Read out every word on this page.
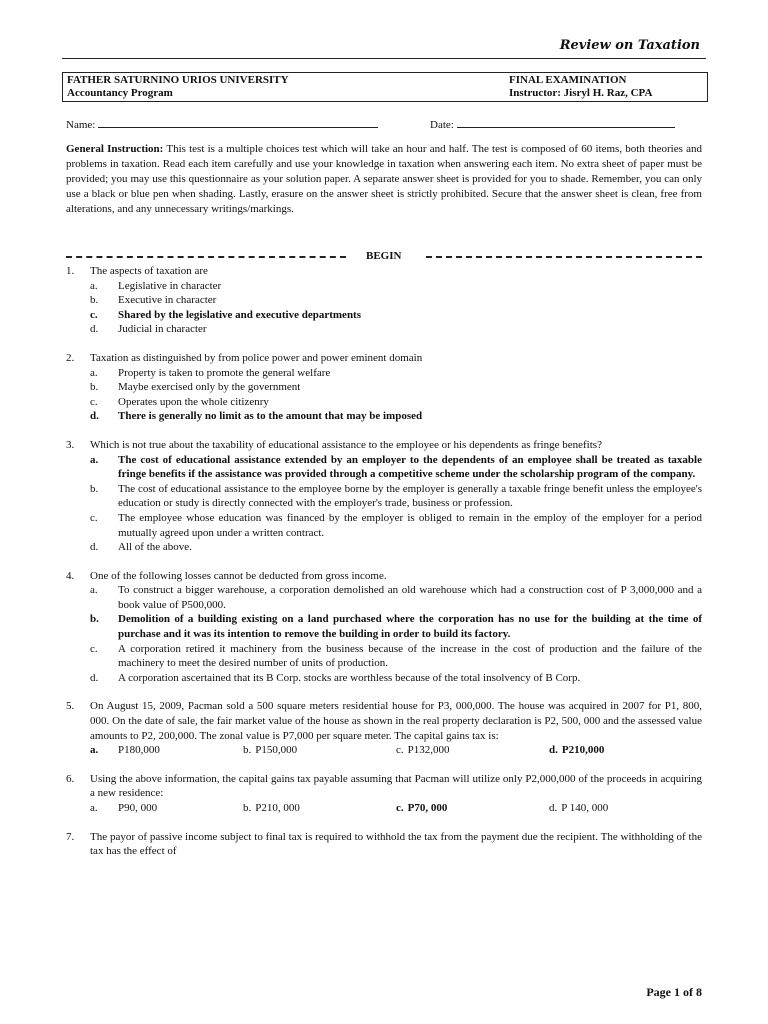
Review on Taxation
FATHER SATURNINO URIOS UNIVERSITY
Accountancy Program
FINAL EXAMINATION
Instructor: Jisryl H. Raz, CPA
Name:	Date:
General Instruction: This test is a multiple choices test which will take an hour and half. The test is composed of 60 items, both theories and problems in taxation. Read each item carefully and use your knowledge in taxation when answering each item. No extra sheet of paper must be provided; you may use this questionnaire as your solution paper. A separate answer sheet is provided for you to shade. Remember, you can only use a black or blue pen when shading. Lastly, erasure on the answer sheet is strictly prohibited. Secure that the answer sheet is clean, free from alterations, and any unnecessary writings/markings.
BEGIN
1.	The aspects of taxation are
a.	Legislative in character
b.	Executive in character
c.	Shared by the legislative and executive departments
d.	Judicial in character
2.	Taxation as distinguished by from police power and power eminent domain
a.	Property is taken to promote the general welfare
b.	Maybe exercised only by the government
c.	Operates upon the whole citizenry
d.	There is generally no limit as to the amount that may be imposed
3.	Which is not true about the taxability of educational assistance to the employee or his dependents as fringe benefits?
a.	The cost of educational assistance extended by an employer to the dependents of an employee shall be treated as taxable fringe benefits if the assistance was provided through a competitive scheme under the scholarship program of the company.
b.	The cost of educational assistance to the employee borne by the employer is generally a taxable fringe benefit unless the employee's education or study is directly connected with the employer's trade, business or profession.
c.	The employee whose education was financed by the employer is obliged to remain in the employ of the employer for a period mutually agreed upon under a written contract.
d.	All of the above.
4.	One of the following losses cannot be deducted from gross income.
a.	To construct a bigger warehouse, a corporation demolished an old warehouse which had a construction cost of P 3,000,000 and a book value of P500,000.
b.	Demolition of a building existing on a land purchased where the corporation has no use for the building at the time of purchase and it was its intention to remove the building in order to build its factory.
c.	A corporation retired it machinery from the business because of the increase in the cost of production and the failure of the machinery to meet the desired number of units of production.
d.	A corporation ascertained that its B Corp. stocks are worthless because of the total insolvency of B Corp.
5.	On August 15, 2009, Pacman sold a 500 square meters residential house for P3, 000,000. The house was acquired in 2007 for P1, 800, 000. On the date of sale, the fair market value of the house as shown in the real property declaration is P2, 500, 000 and the assessed value amounts to P2, 200,000. The zonal value is P7,000 per square meter. The capital gains tax is:
a.	P180,000	b. P150,000	c. P132,000	d. P210,000
6.	Using the above information, the capital gains tax payable assuming that Pacman will utilize only P2,000,000 of the proceeds in acquiring a new residence:
a.	P90, 000	b. P210, 000	c. P70, 000	d. P 140, 000
7.	The payor of passive income subject to final tax is required to withhold the tax from the payment due the recipient. The withholding of the tax has the effect of
Page 1 of 8
